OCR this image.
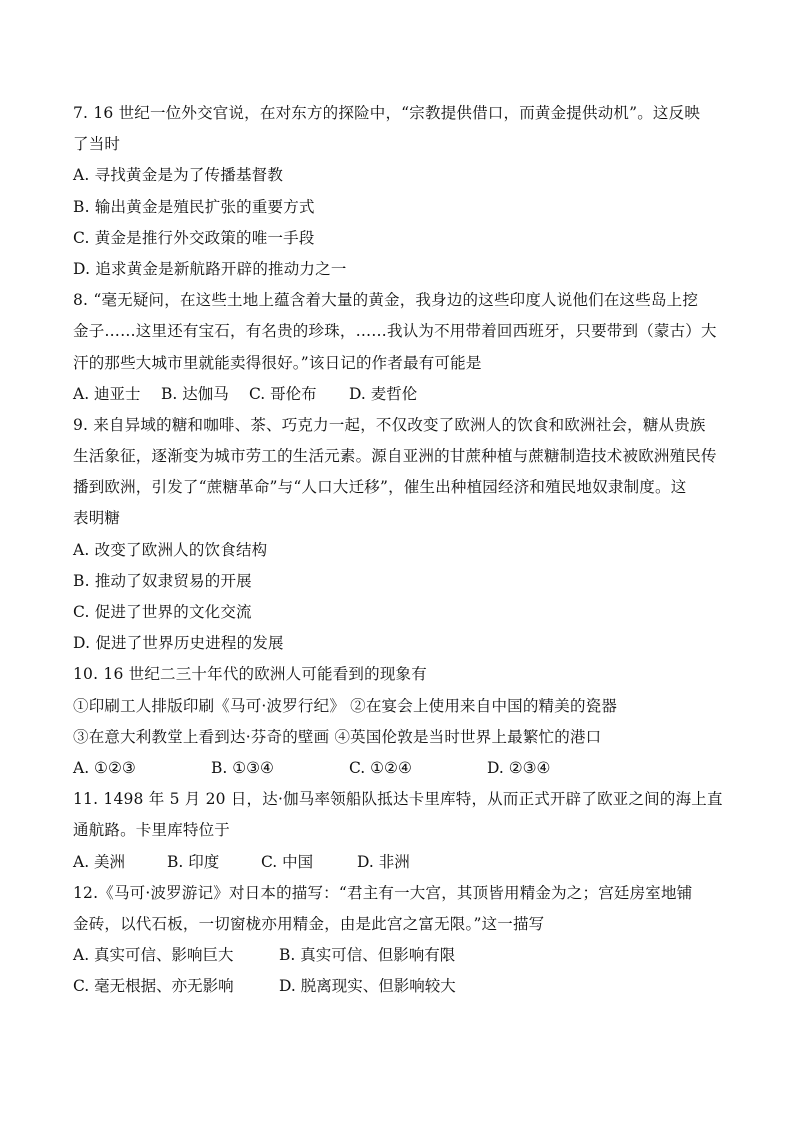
7. 16 世纪一位外交官说，在对东方的探险中，“宗教提供借口，而黄金提供动机”。这反映
了当时
A. 寻找黄金是为了传播基督教
B. 输出黄金是殖民扩张的重要方式
C. 黄金是推行外交政策的唯一手段
D. 追求黄金是新航路开辟的推动力之一
8. “毫无疑问，在这些土地上蕴含着大量的黄金，我身边的这些印度人说他们在这些岛上挖
金子……这里还有宝石，有名贵的珍珠，……我认为不用带着回西班牙，只要带到（蒙古）大
汗的那些大城市里就能卖得很好。”该日记的作者最有可能是
A. 迪亚士	B. 达伽马	C. 哥伦布	D. 麦哲伦
9. 来自异域的糖和咖啡、茶、巧克力一起，不仅改变了欧洲人的饮食和欧洲社会，糖从贵族
生活象征，逐渐变为城市劳工的生活元素。源自亚洲的甘蔗种植与蔗糖制造技术被欧洲殖民传
播到欧洲，引发了“蔗糖革命”与“人口大迁移”，催生出种植园经济和殖民地奴隶制度。这
表明糖
A. 改变了欧洲人的饮食结构
B. 推动了奴隶贸易的开展
C. 促进了世界的文化交流
D. 促进了世界历史进程的发展
10. 16 世纪二三十年代的欧洲人可能看到的现象有
①印刷工人排版印刷《马可·波罗行纪》 ②在宴会上使用来自中国的精美的瓷器
③在意大利教堂上看到达·芬奇的壁画 ④英国伦敦是当时世界上最繁忙的港口
A. ①②③	B. ①③④	C. ①②④	D. ②③④
11. 1498 年 5 月 20 日，达·伽马率领船队抵达卡里库特，从而正式开辟了欧亚之间的海上直
通航路。卡里库特位于
A. 美洲	B. 印度	C. 中国	D. 非洲
12.《马可·波罗游记》对日本的描写：“君主有一大宫，其顶皆用精金为之；宫廷房室地铺
金砖，以代石板，一切窗栊亦用精金，由是此宫之富无限。”这一描写
A. 真实可信、影响巨大	B. 真实可信、但影响有限
C. 毫无根据、亦无影响	D. 脱离现实、但影响较大
